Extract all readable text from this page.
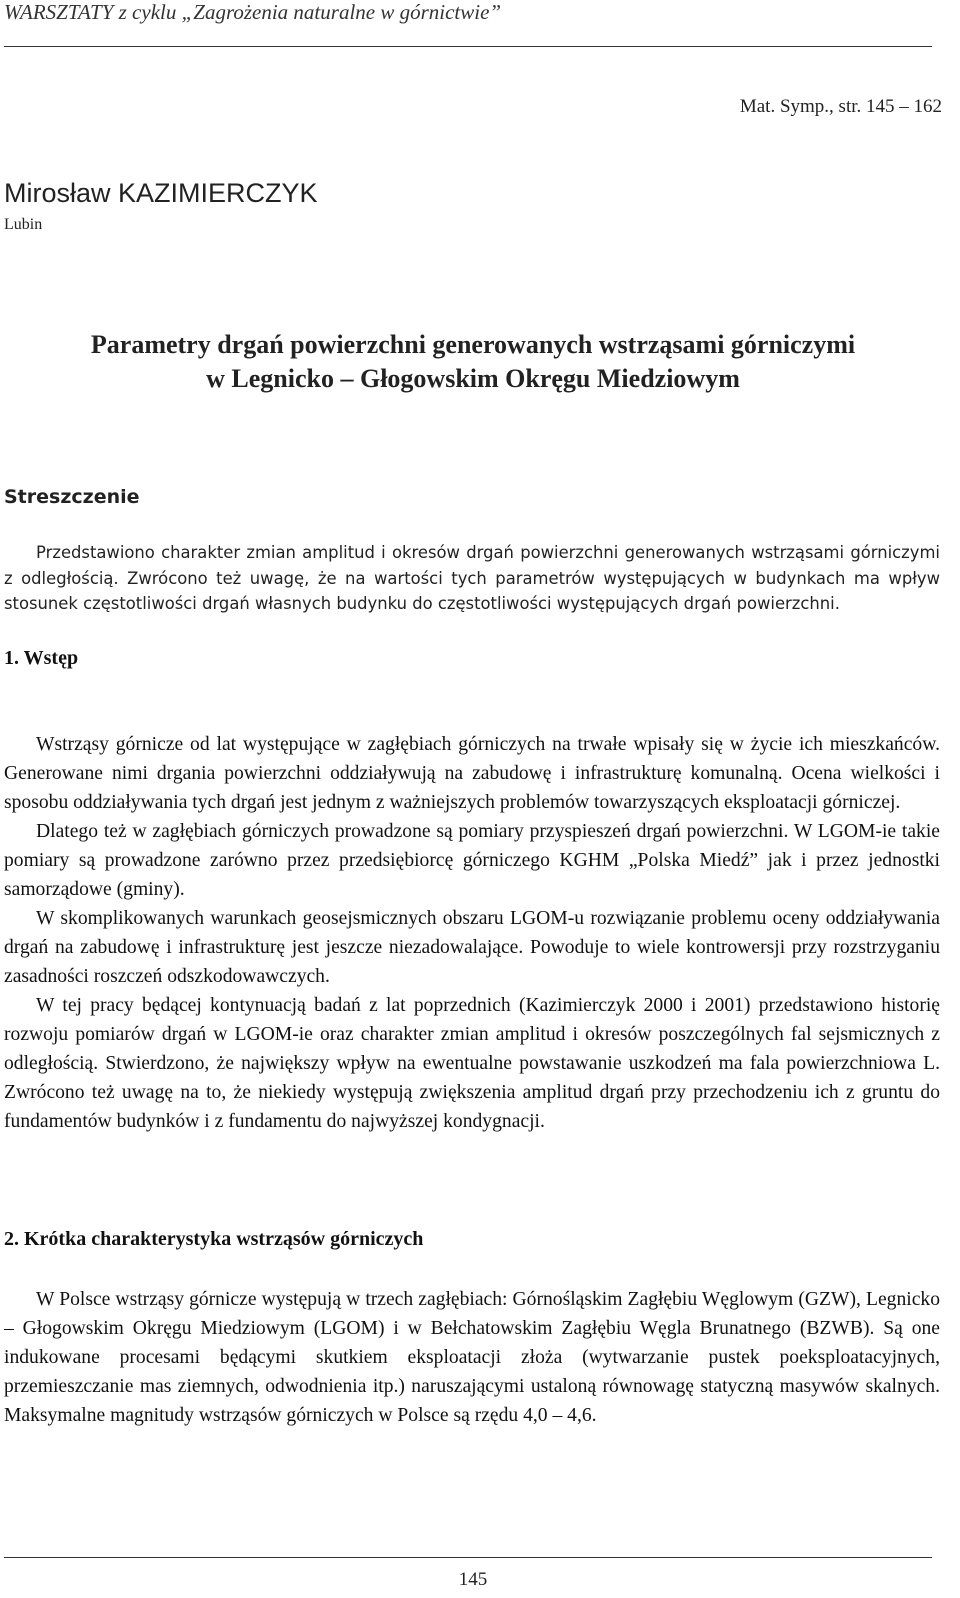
WARSZTATY z cyklu „Zagrożenia naturalne w górnictwie”
Mat. Symp., str. 145 – 162
Mirosław KAZIMIERCZYK
Lubin
Parametry drgań powierzchni generowanych wstrząsami górniczymi
w Legnicko – Głogowskim Okręgu Miedziowym
Streszczenie
Przedstawiono charakter zmian amplitud i okresów drgań powierzchni generowanych wstrząsami górniczymi z odległością. Zwrócono też uwagę, że na wartości tych parametrów występujących w budynkach ma wpływ stosunek częstotliwości drgań własnych budynku do częstotliwości występujących drgań powierzchni.
1. Wstęp

Wstrząsy górnicze od lat występujące w zagłębiach górniczych na trwałe wpisały się w życie ich mieszkańców. Generowane nimi drgania powierzchni oddziaływują na zabudowę i infrastrukturę komunalną. Ocena wielkości i sposobu oddziaływania tych drgań jest jednym z ważniejszych problemów towarzyszących eksploatacji górniczej.

Dlatego też w zagłębiach górniczych prowadzone są pomiary przyspieszeń drgań powierzchni. W LGOM-ie takie pomiary są prowadzone zarówno przez przedsiębiorcę górniczego KGHM „Polska Miedź” jak i przez jednostki samorządowe (gminy).

W skomplikowanych warunkach geosejsmicznych obszaru LGOM-u rozwiązanie problemu oceny oddziaływania drgań na zabudowę i infrastrukturę jest jeszcze niezadowalające. Powoduje to wiele kontrowersji przy rozstrzyganiu zasadności roszczeń odszkodowawczych.

W tej pracy będącej kontynuacją badań z lat poprzednich (Kazimierczyk 2000 i 2001) przedstawiono historię rozwoju pomiarów drgań w LGOM-ie oraz charakter zmian amplitud i okresów poszczególnych fal sejsmicznych z odległością. Stwierdzono, że największy wpływ na ewentualne powstawanie uszkodzeń ma fala powierzchniowa L. Zwrócono też uwagę na to, że niekiedy występują zwiększenia amplitud drgań przy przechodzeniu ich z gruntu do fundamentów budynków i z fundamentu do najwyższej kondygnacji.

2. Krótka charakterystyka wstrząsów górniczych

W Polsce wstrząsy górnicze występują w trzech zagłębiach: Górnośląskim Zagłębiu Węglowym (GZW), Legnicko – Głogowskim Okręgu Miedziowym (LGOM) i w Bełchatowskim Zagłębiu Węgla Brunatnego (BZWB). Są one indukowane procesami będącymi skutkiem eksploatacji złoża (wytwarzanie pustek poeksploatacyjnych, przemieszczanie mas ziemnych, odwodnienia itp.) naruszającymi ustaloną równowagę statyczną masywów skalnych. Maksymalne magnitudy wstrząsów górniczych w Polsce są rzędu 4,0 – 4,6.

145
